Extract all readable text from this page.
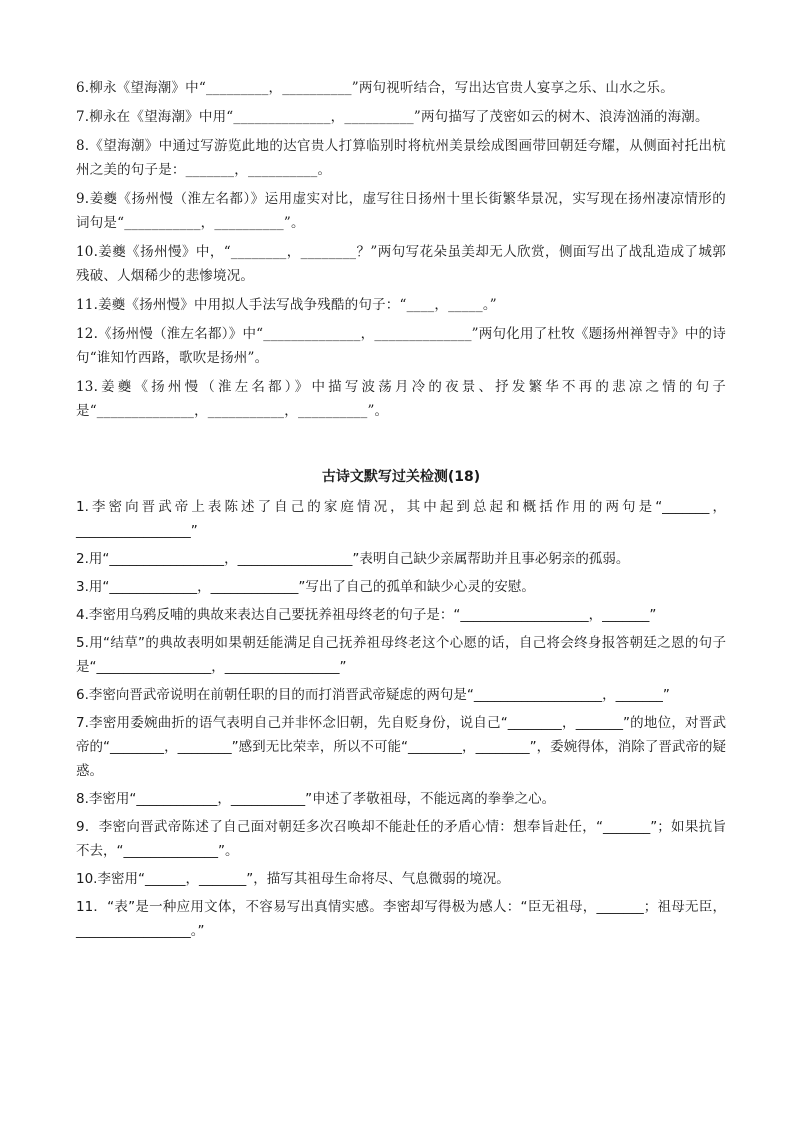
6.柳永《望海潮》中“_________，__________”两句视听结合，写出达官贵人宴享之乐、山水之乐。

7.柳永在《望海潮》中用“______________，__________”两句描写了茂密如云的树木、浪涛汹涌的海潮。

8.《望海潮》中通过写游览此地的达官贵人打算临别时将杭州美景绘成图画带回朝廷夸耀，从侧面衬托出杭州之美的句子是：_______，__________。

9.姜夔《扬州慢（淮左名都）》运用虚实对比，虚写往日扬州十里长街繁华景况，实写现在扬州凄凉情形的词句是“___________，__________”。

10.姜夔《扬州慢》中，“________，________？”两句写花朵虽美却无人欣赏，侧面写出了战乱造成了城郭残破、人烟稀少的悲惨境况。

11.姜夔《扬州慢》中用拟人手法写战争残酷的句子：“____，_____。”

12.《扬州慢（淮左名都）》中“______________，______________”两句化用了杜牧《题扬州禅智寺》中的诗句“谁知竹西路，歌吹是扬州”。

13.姜夔《扬州慢（淮左名都）》中描写波荡月冷的夜景、抒发繁华不再的悲凉之情的句子是“______________，___________，__________”。

古诗文默写过关检测(18)

1.李密向晋武帝上表陈述了自己的家庭情况，其中起到总起和概括作用的两句是“_______，_________________”

2.用“_________________，_________________”表明自己缺少亲属帮助并且事必躬亲的孤弱。

3.用“_____________，_____________”写出了自己的孤单和缺少心灵的安慰。

4.李密用乌鸦反哺的典故来表达自己要抚养祖母终老的句子是：“___________________，_______”

5.用“结草”的典故表明如果朝廷能满足自己抚养祖母终老这个心愿的话，自己将会终身报答朝廷之恩的句子是“_________________，_________________”

6.李密向晋武帝说明在前朝任职的目的而打消晋武帝疑虑的两句是“___________________，_______”

7.李密用委婉曲折的语气表明自己并非怀念旧朝，先自贬身份，说自己“________，_______”的地位，对晋武帝的“________，________”感到无比荣幸，所以不可能“________，________”，委婉得体，消除了晋武帝的疑惑。

8.李密用“____________，___________”申述了孝敬祖母，不能远离的拳拳之心。

9．李密向晋武帝陈述了自己面对朝廷多次召唤却不能赴任的矛盾心情：想奉旨赴任，“_______”；如果抗旨不去，“______________”。

10.李密用“______，_______”，描写其祖母生命将尽、气息微弱的境况。

11．“表”是一种应用文体，不容易写出真情实感。李密却写得极为感人：“臣无祖母，_______；祖母无臣，_________________。”
